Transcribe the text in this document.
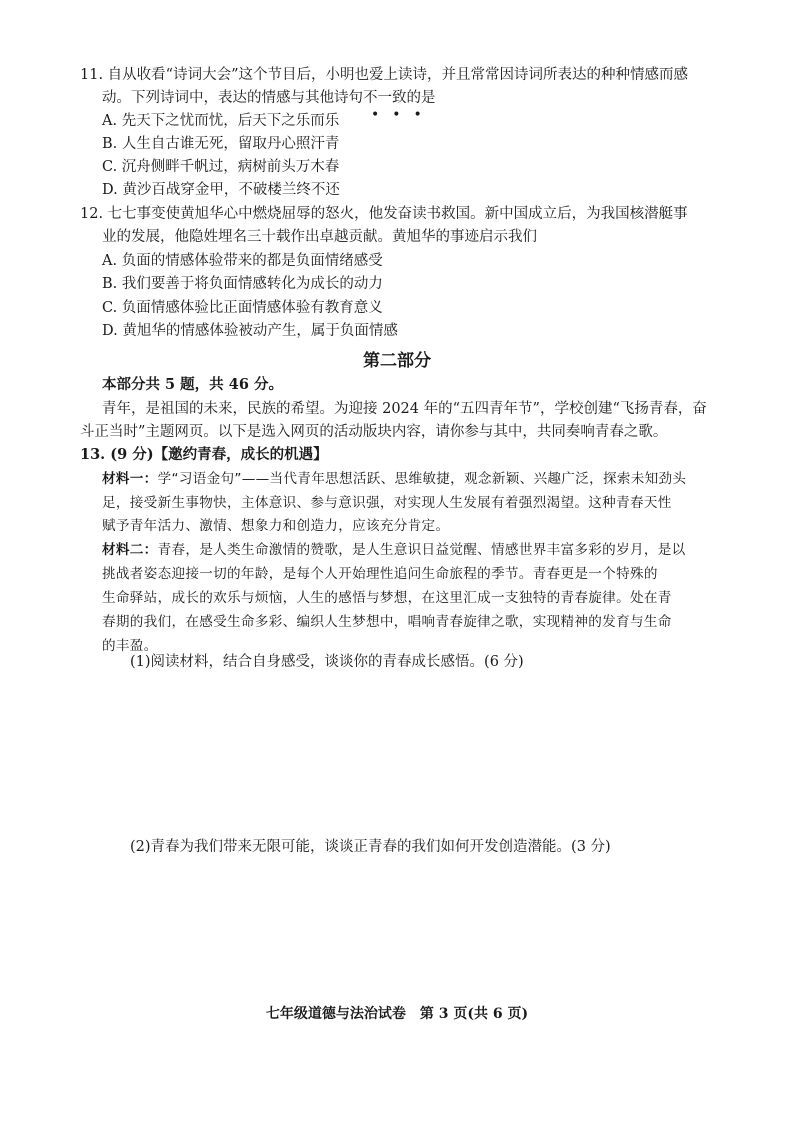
11. 自从收看“诗词大会”这个节目后，小明也爱上读诗，并且常常因诗词所表达的种种情感而感
动。下列诗词中，表达的情感与其他诗句不一致的是
•••
A. 先天下之忧而忧，后天下之乐而乐
B. 人生自古谁无死，留取丹心照汗青
C. 沉舟侧畔千帆过，病树前头万木春
D. 黄沙百战穿金甲，不破楼兰终不还
12. 七七事变使黄旭华心中燃烧屈辱的怒火，他发奋读书救国。新中国成立后，为我国核潜艇事
业的发展，他隐姓埋名三十载作出卓越贡献。黄旭华的事迹启示我们
A. 负面的情感体验带来的都是负面情绪感受
B. 我们要善于将负面情感转化为成长的动力
C. 负面情感体验比正面情感体验有教育意义
D. 黄旭华的情感体验被动产生，属于负面情感
第二部分
本部分共 5 题，共 46 分。
青年，是祖国的未来，民族的希望。为迎接 2024 年的“五四青年节”，学校创建“飞扬青春，奋
斗正当时”主题网页。以下是选入网页的活动版块内容，请你参与其中，共同奏响青春之歌。
13. (9 分)【邀约青春，成长的机遇】
材料一：学“习语金句”——当代青年思想活跃、思维敏捷，观念新颖、兴趣广泛，探索未知劲头
足，接受新生事物快，主体意识、参与意识强，对实现人生发展有着强烈渴望。这种青春天性
赋予青年活力、激情、想象力和创造力，应该充分肯定。
材料二：青春，是人类生命激情的赞歌，是人生意识日益觉醒、情感世界丰富多彩的岁月，是以
挑战者姿态迎接一切的年龄，是每个人开始理性追问生命旅程的季节。青春更是一个特殊的
生命驿站，成长的欢乐与烦恼，人生的感悟与梦想，在这里汇成一支独特的青春旋律。处在青
春期的我们，在感受生命多彩、编织人生梦想中，唱响青春旋律之歌，实现精神的发育与生命
的丰盈。
(1)阅读材料，结合自身感受，谈谈你的青春成长感悟。(6 分)
(2)青春为我们带来无限可能，谈谈正青春的我们如何开发创造潜能。(3 分)
七年级道德与法治试卷　第 3 页(共 6 页)
